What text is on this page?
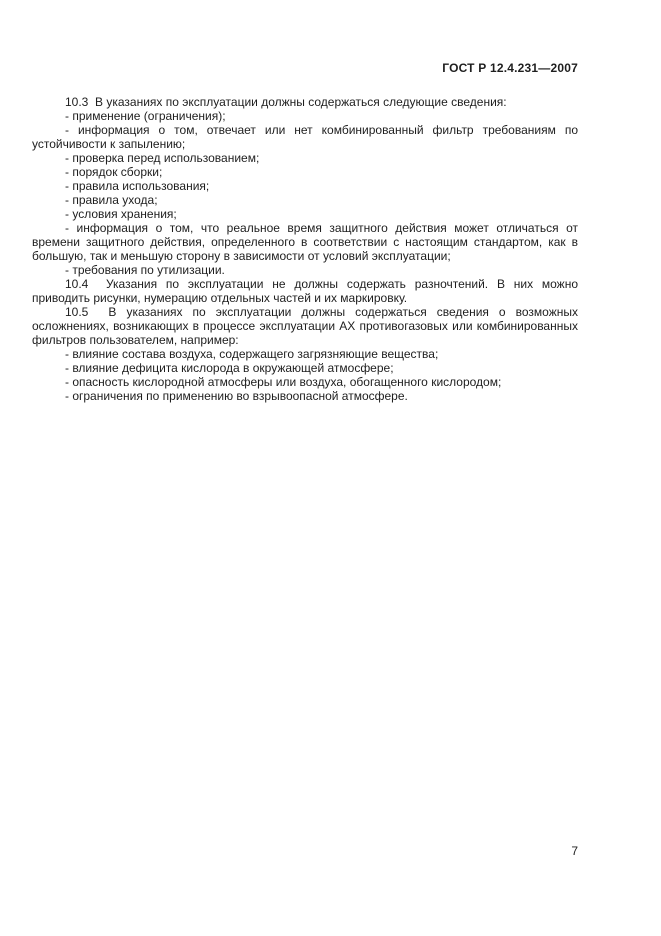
ГОСТ Р 12.4.231—2007

10.3  В указаниях по эксплуатации должны содержаться следующие сведения:

- применение (ограничения);

- информация о том, отвечает или нет комбинированный фильтр требованиям по устойчивости к запылению;

- проверка перед использованием;

- порядок сборки;

- правила использования;

- правила ухода;

- условия хранения;

- информация о том, что реальное время защитного действия может отличаться от времени защитного действия, определенного в соответствии с настоящим стандартом, как в большую, так и меньшую сторону в зависимости от условий эксплуатации;

- требования по утилизации.

10.4  Указания по эксплуатации не должны содержать разночтений. В них можно приводить рисунки, нумерацию отдельных частей и их маркировку.

10.5  В указаниях по эксплуатации должны содержаться сведения о возможных осложнениях, возникающих в процессе эксплуатации АХ противогазовых или комбинированных фильтров пользователем, например:

- влияние состава воздуха, содержащего загрязняющие вещества;

- влияние дефицита кислорода в окружающей атмосфере;

- опасность кислородной атмосферы или воздуха, обогащенного кислородом;

- ограничения по применению во взрывоопасной атмосфере.

7
